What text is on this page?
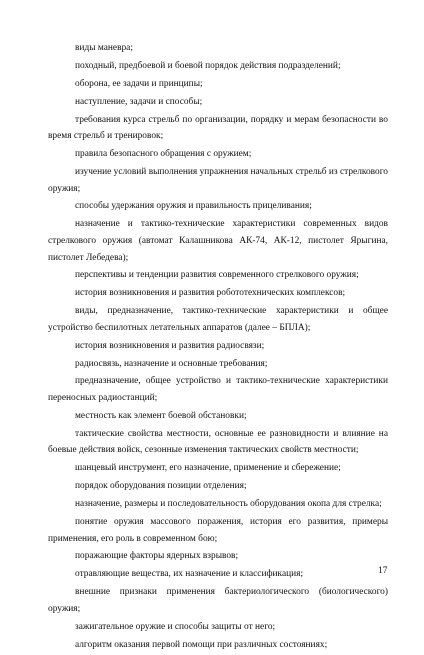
виды маневра;

походный, предбоевой и боевой порядок действия подразделений;

оборона, ее задачи и принципы;

наступление, задачи и способы;

требования курса стрельб по организации, порядку и мерам безопасности во время стрельб и тренировок;

правила безопасного обращения с оружием;

изучение условий выполнения упражнения начальных стрельб из стрелкового оружия;

способы удержания оружия и правильность прицеливания;

назначение и тактико-технические характеристики современных видов стрелкового оружия (автомат Калашникова АК-74, АК-12, пистолет Ярыгина, пистолет Лебедева);

перспективы и тенденции развития современного стрелкового оружия;

история возникновения и развития робототехнических комплексов;

виды, предназначение, тактико-технические характеристики и общее устройство беспилотных летательных аппаратов (далее – БПЛА);

история возникновения и развития радиосвязи;

радиосвязь, назначение и основные требования;

предназначение, общее устройство и тактико-технические характеристики переносных радиостанций;

местность как элемент боевой обстановки;

тактические свойства местности, основные ее разновидности и влияние на боевые действия войск, сезонные изменения тактических свойств местности;

шанцевый инструмент, его назначение, применение и сбережение;

порядок оборудования позиции отделения;

назначение, размеры и последовательность оборудования окопа для стрелка;

понятие оружия массового поражения, история его развития, примеры применения, его роль в современном бою;

поражающие факторы ядерных взрывов;

отравляющие вещества, их назначение и классификация;

внешние признаки применения бактериологического (биологического) оружия;

зажигательное оружие и способы защиты от него;

алгоритм оказания первой помощи при различных состояниях;

17
